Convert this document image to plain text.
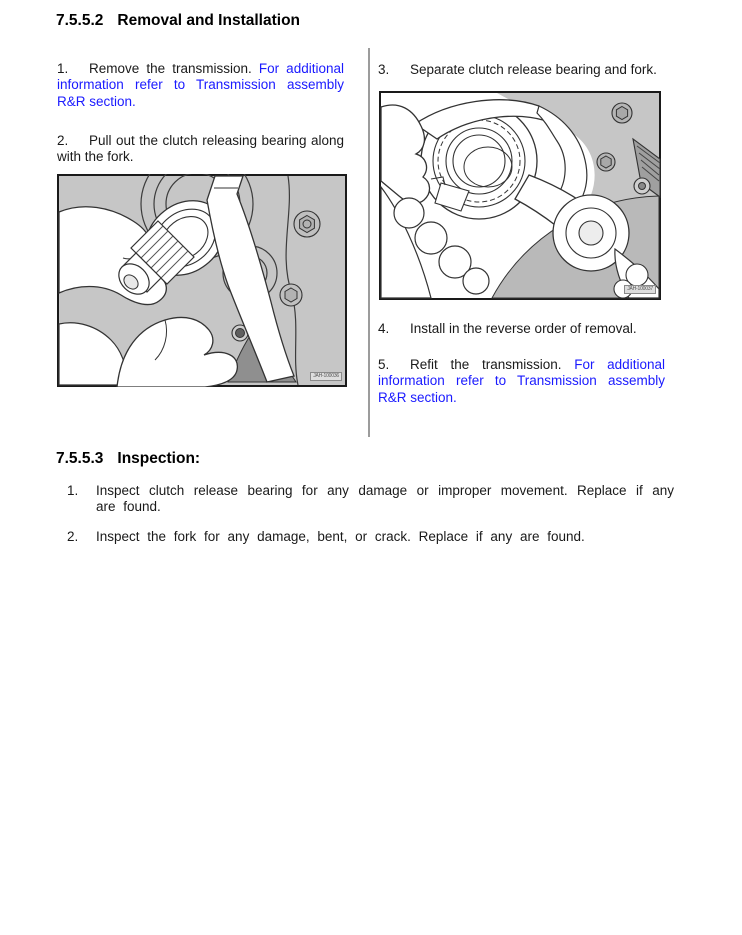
7.5.5.2 Removal and Installation

1. Remove the transmission. For additional information refer to Transmission assembly R&R section.

2. Pull out the clutch releasing bearing along with the fork.

JAH-100036

3. Separate clutch release bearing and fork.

JAH-100037

4. Install in the reverse order of removal.

5. Refit the transmission. For additional information refer to Transmission assembly R&R section.

7.5.5.3 Inspection:
1.	Inspect clutch release bearing for any damage or improper movement. Replace if any are found.
2.	Inspect the fork for any damage, bent, or crack. Replace if any are found.
